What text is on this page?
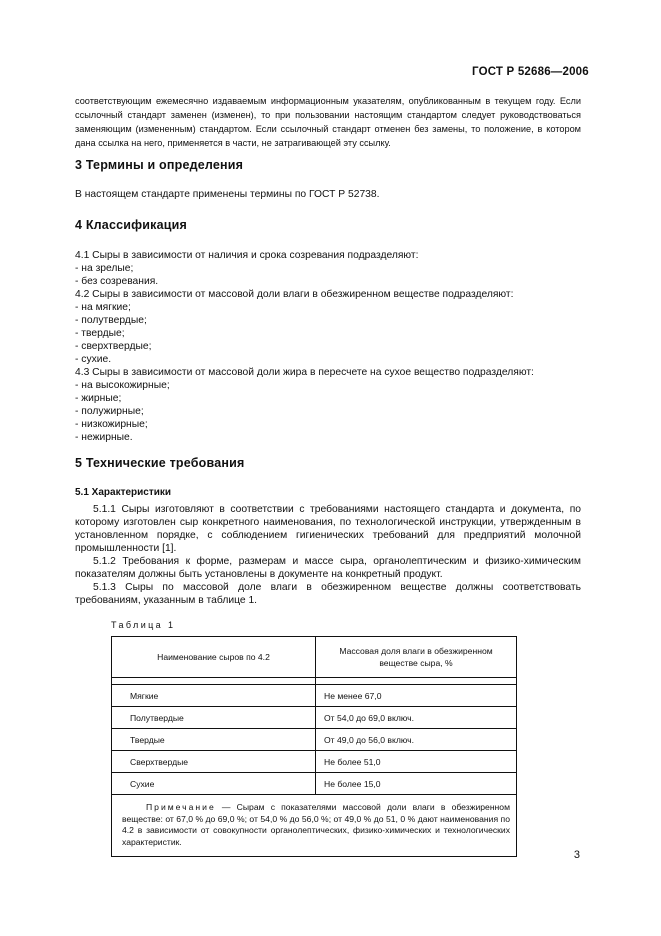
ГОСТ Р 52686—2006
соответствующим ежемесячно издаваемым информационным указателям, опубликованным в текущем году. Если ссылочный стандарт заменен (изменен), то при пользовании настоящим стандартом следует руководствоваться заменяющим (измененным) стандартом. Если ссылочный стандарт отменен без замены, то положение, в котором дана ссылка на него, применяется в части, не затрагивающей эту ссылку.
3 Термины и определения
В настоящем стандарте применены термины по ГОСТ Р 52738.
4 Классификация
4.1 Сыры в зависимости от наличия и срока созревания подразделяют:
- на зрелые;
- без созревания.
4.2 Сыры в зависимости от массовой доли влаги в обезжиренном веществе подразделяют:
- на мягкие;
- полутвердые;
- твердые;
- сверхтвердые;
- сухие.
4.3 Сыры в зависимости от массовой доли жира в пересчете на сухое вещество подразделяют:
- на высокожирные;
- жирные;
- полужирные;
- низкожирные;
- нежирные.
5 Технические требования
5.1 Характеристики
5.1.1 Сыры изготовляют в соответствии с требованиями настоящего стандарта и документа, по которому изготовлен сыр конкретного наименования, по технологической инструкции, утвержденным в установленном порядке, с соблюдением гигиенических требований для предприятий молочной промышленности [1].
5.1.2 Требования к форме, размерам и массе сыра, органолептическим и физико-химическим показателям должны быть установлены в документе на конкретный продукт.
5.1.3 Сыры по массовой доле влаги в обезжиренном веществе должны соответствовать требованиям, указанным в таблице 1.
Таблица 1
Наименование сыров по 4.2	Массовая доля влаги в обезжиренном веществе сыра, %

Мягкие	Не менее 67,0
Полутвердые	От 54,0 до 69,0 включ.
Твердые	От 49,0 до 56,0 включ.
Сверхтвердые	Не более 51,0
Сухие	Не более 15,0
Примечание — Сырам с показателями массовой доли влаги в обезжиренном веществе: от 67,0 % до 69,0 %; от 54,0 % до 56,0 %; от 49,0 % до 51, 0 % дают наименования по 4.2 в зависимости от совокупности органолептических, физико-химических и технологических характеристик.	
3
